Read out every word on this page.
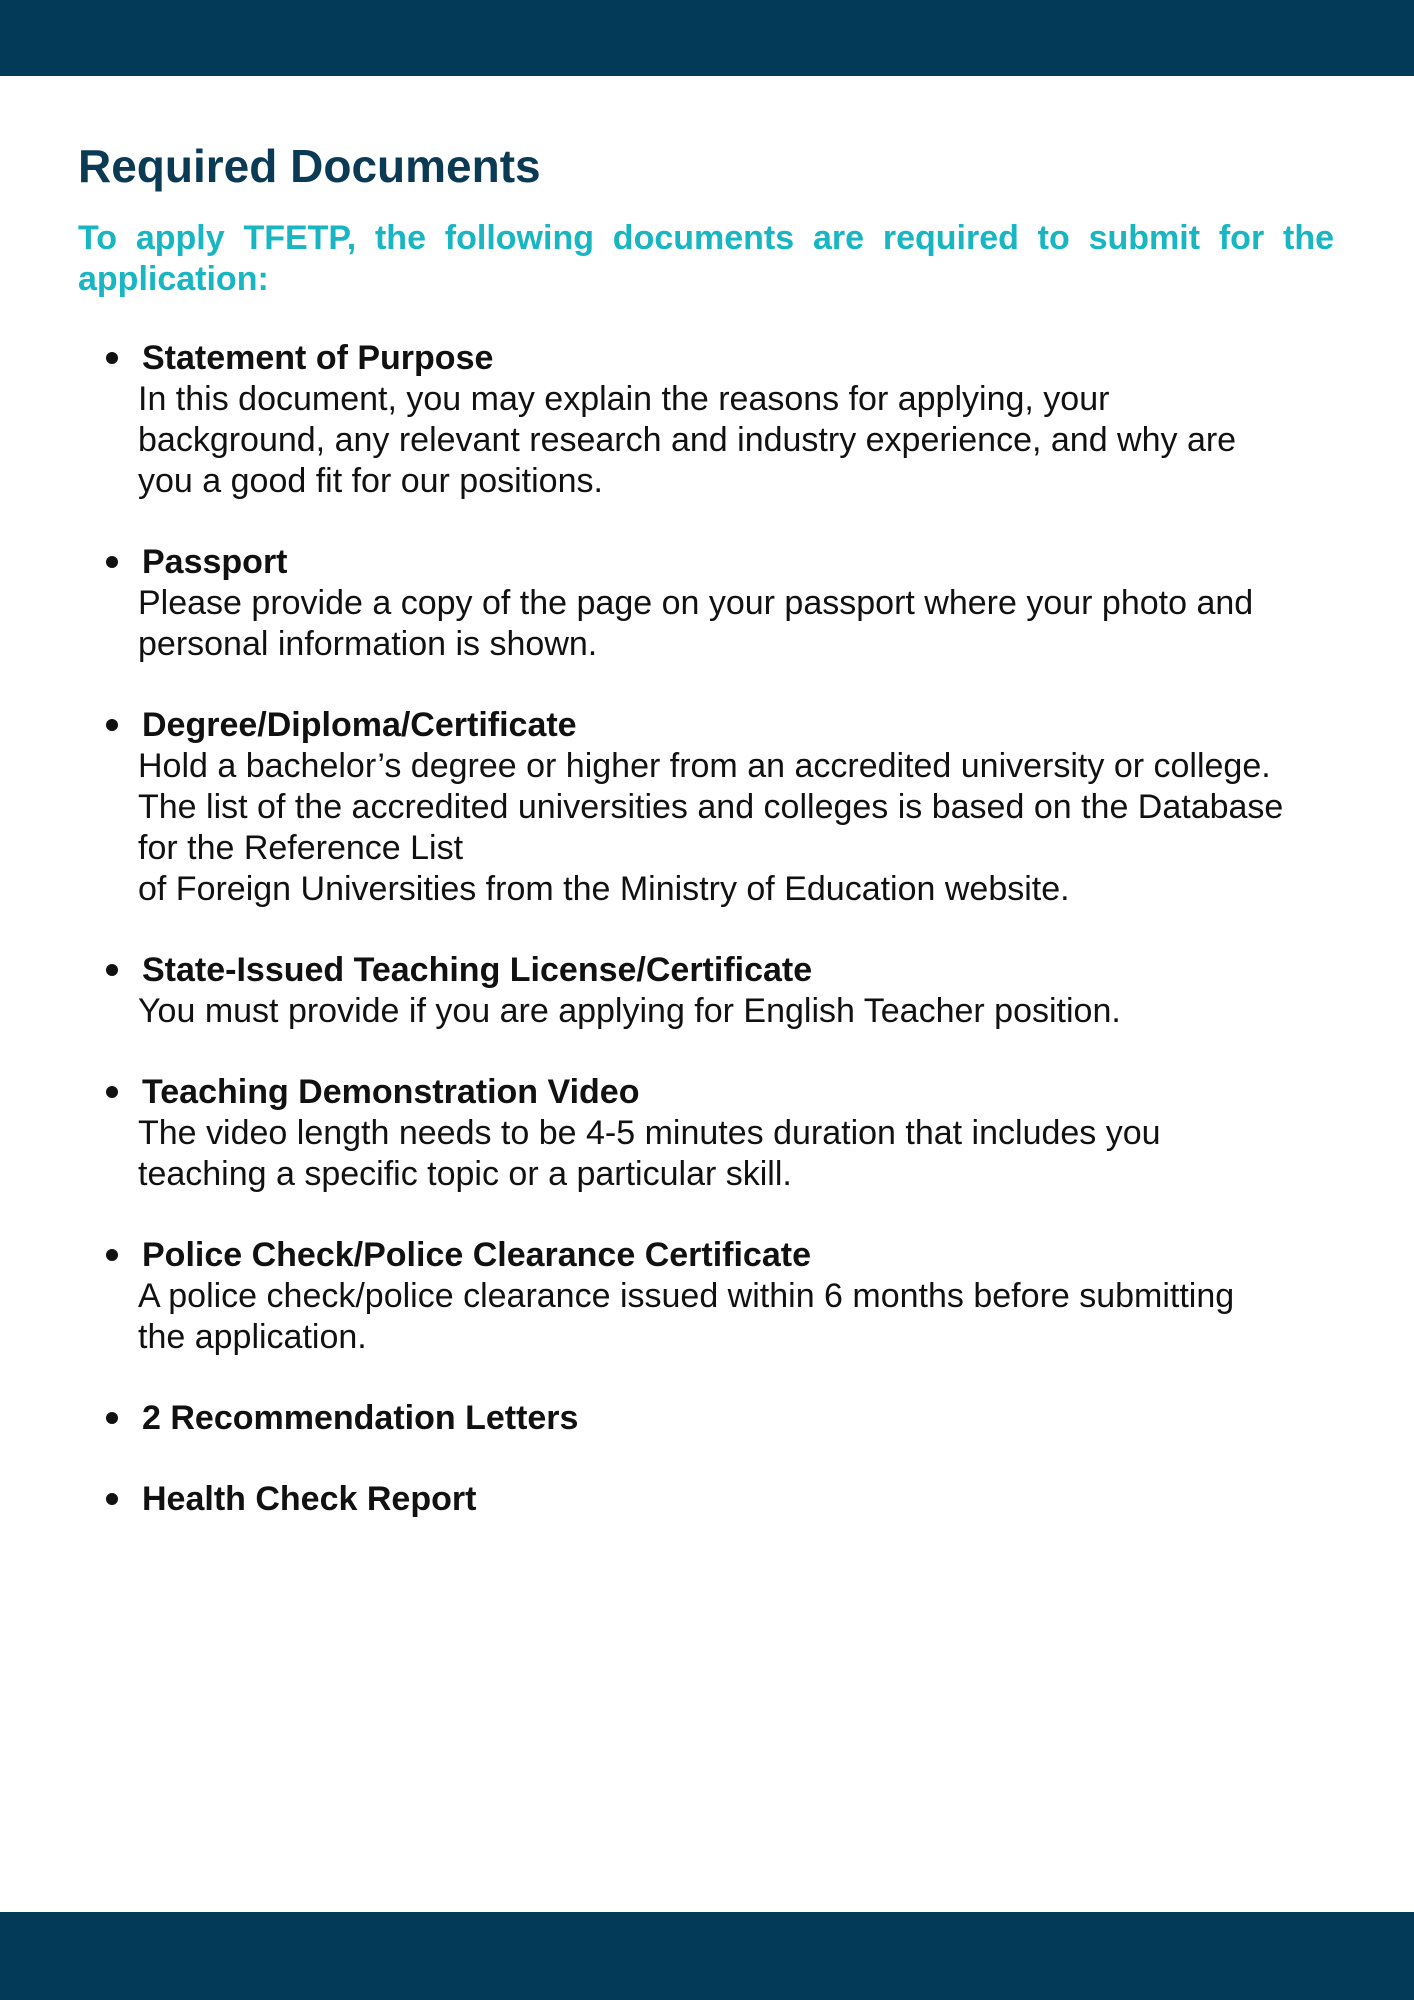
Required Documents

To apply TFETP, the following documents are required to submit for the application:

Statement of Purpose
In this document, you may explain the reasons for applying, your
background, any relevant research and industry experience, and why are
you a good fit for our positions.
Passport
Please provide a copy of the page on your passport where your photo and
personal information is shown.
Degree/Diploma/Certificate
Hold a bachelor’s degree or higher from an accredited university or college.
The list of the accredited universities and colleges is based on the Database
for the Reference List
of Foreign Universities from the Ministry of Education website.
State-Issued Teaching License/Certificate
You must provide if you are applying for English Teacher position.
Teaching Demonstration Video
The video length needs to be 4-5 minutes duration that includes you
teaching a specific topic or a particular skill.
Police Check/Police Clearance Certificate
A police check/police clearance issued within 6 months before submitting
the application.
2 Recommendation Letters
Health Check Report
